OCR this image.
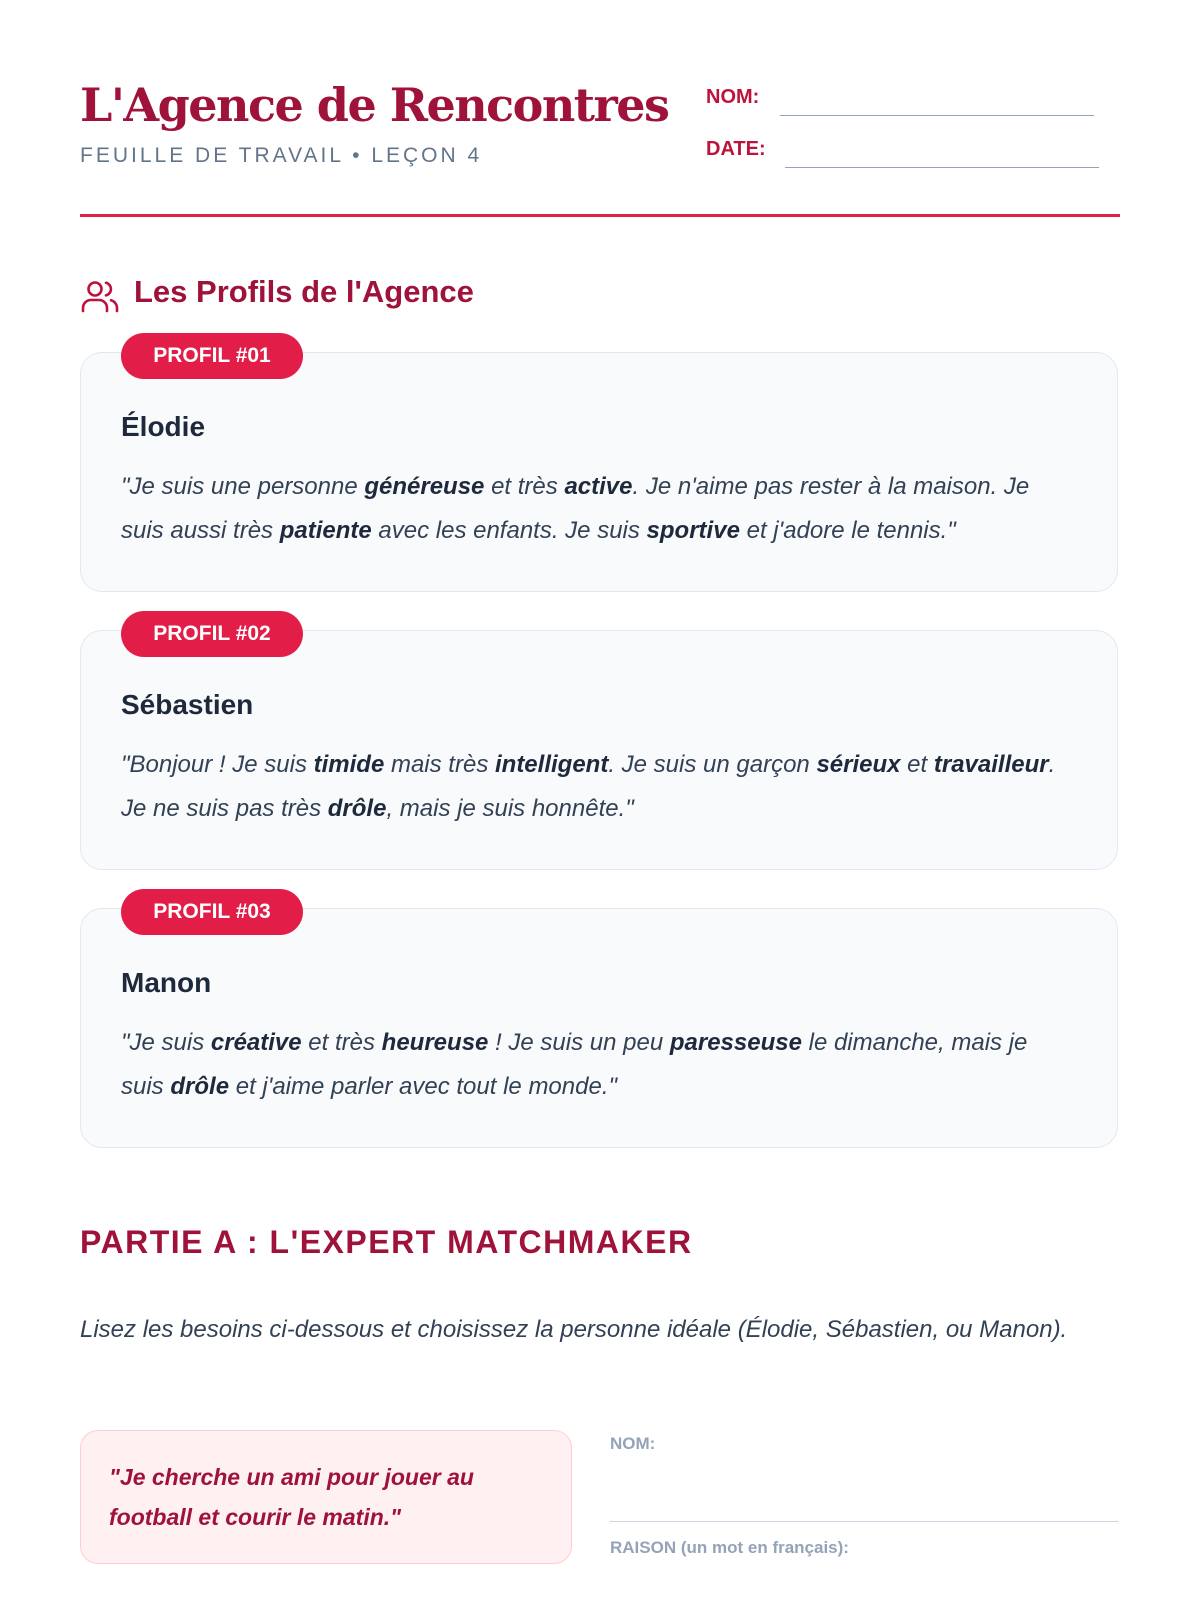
L'Agence de Rencontres
FEUILLE DE TRAVAIL • LEÇON 4
NOM:
DATE:
Les Profils de l'Agence
PROFIL #01
Élodie
"Je suis une personne généreuse et très active. Je n'aime pas rester à la maison. Je suis aussi très patiente avec les enfants. Je suis sportive et j'adore le tennis."
PROFIL #02
Sébastien
"Bonjour ! Je suis timide mais très intelligent. Je suis un garçon sérieux et travailleur. Je ne suis pas très drôle, mais je suis honnête."
PROFIL #03
Manon
"Je suis créative et très heureuse ! Je suis un peu paresseuse le dimanche, mais je suis drôle et j'aime parler avec tout le monde."
PARTIE A : L'EXPERT MATCHMAKER
Lisez les besoins ci-dessous et choisissez la personne idéale (Élodie, Sébastien, ou Manon).
"Je cherche un ami pour jouer au football et courir le matin."
NOM:
RAISON (un mot en français):
